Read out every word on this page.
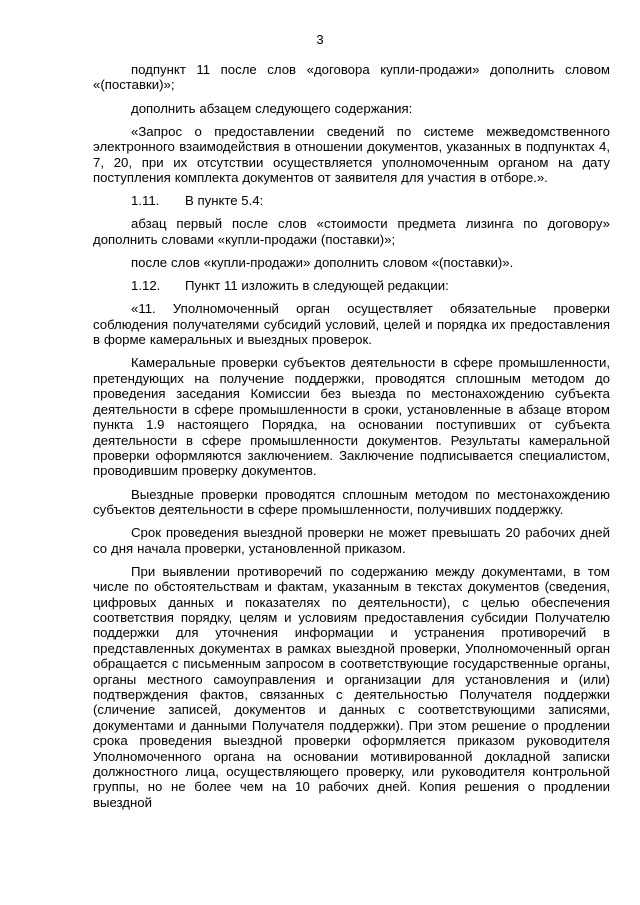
3

подпункт 11 после слов «договора купли-продажи» дополнить словом «(поставки)»;

дополнить абзацем следующего содержания:

«Запрос о предоставлении сведений по системе межведомственного электронного взаимодействия в отношении документов, указанных в подпунктах 4, 7, 20, при их отсутствии осуществляется уполномоченным органом на дату поступления комплекта документов от заявителя для участия в отборе.».

1.11. В пункте 5.4:

абзац первый после слов «стоимости предмета лизинга по договору» дополнить словами «купли-продажи (поставки)»;

после слов «купли-продажи» дополнить словом «(поставки)».

1.12. Пункт 11 изложить в следующей редакции:

«11. Уполномоченный орган осуществляет обязательные проверки соблюдения получателями субсидий условий, целей и порядка их предоставления в форме камеральных и выездных проверок.

Камеральные проверки субъектов деятельности в сфере промышленности, претендующих на получение поддержки, проводятся сплошным методом до проведения заседания Комиссии без выезда по местонахождению субъекта деятельности в сфере промышленности в сроки, установленные в абзаце втором пункта 1.9 настоящего Порядка, на основании поступивших от субъекта деятельности в сфере промышленности документов. Результаты камеральной проверки оформляются заключением. Заключение подписывается специалистом, проводившим проверку документов.

Выездные проверки проводятся сплошным методом по местонахождению субъектов деятельности в сфере промышленности, получивших поддержку.

Срок проведения выездной проверки не может превышать 20 рабочих дней со дня начала проверки, установленной приказом.

При выявлении противоречий по содержанию между документами, в том числе по обстоятельствам и фактам, указанным в текстах документов (сведения, цифровых данных и показателях по деятельности), с целью обеспечения соответствия порядку, целям и условиям предоставления субсидии Получателю поддержки для уточнения информации и устранения противоречий в представленных документах в рамках выездной проверки, Уполномоченный орган обращается с письменным запросом в соответствующие государственные органы, органы местного самоуправления и организации для установления и (или) подтверждения фактов, связанных с деятельностью Получателя поддержки (сличение записей, документов и данных с соответствующими записями, документами и данными Получателя поддержки). При этом решение о продлении срока проведения выездной проверки оформляется приказом руководителя Уполномоченного органа на основании мотивированной докладной записки должностного лица, осуществляющего проверку, или руководителя контрольной группы, но не более чем на 10 рабочих дней. Копия решения о продлении выездной
